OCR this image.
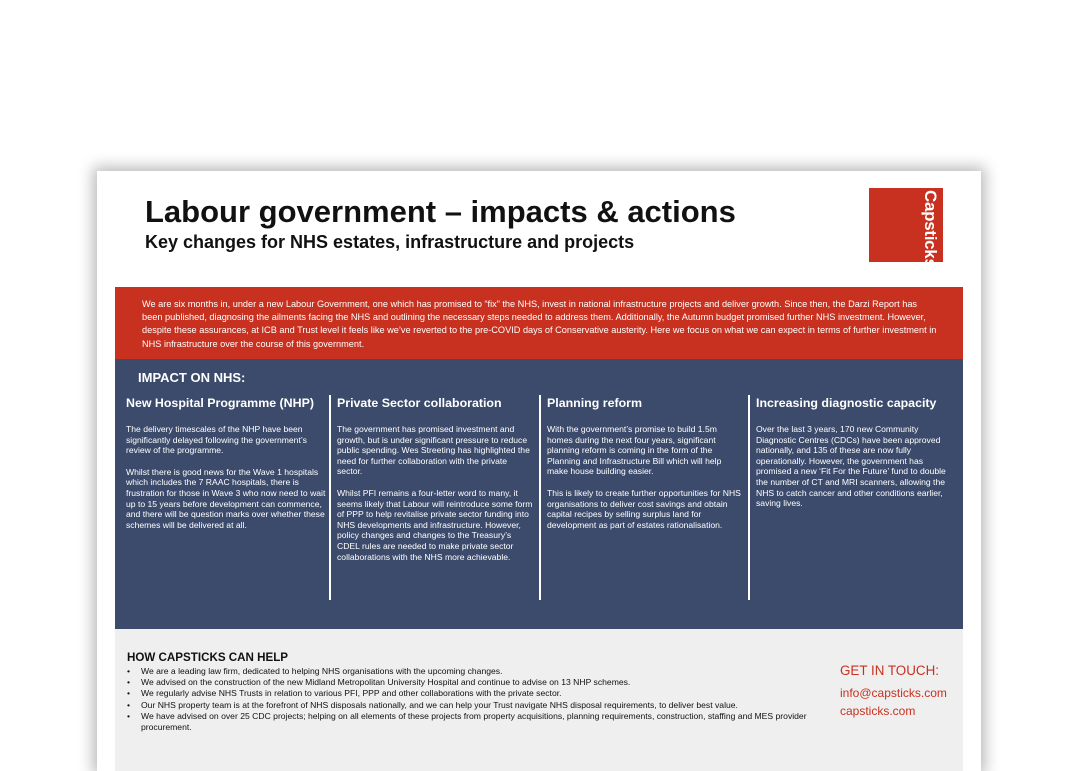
Labour government – impacts & actions
Key changes for NHS estates, infrastructure and projects	Capsticks
We are six months in, under a new Labour Government, one which has promised to “fix” the NHS, invest in national infrastructure projects and deliver growth. Since then, the Darzi Report has been published, diagnosing the ailments facing the NHS and outlining the necessary steps needed to address them. Additionally, the Autumn budget promised further NHS investment. However, despite these assurances, at ICB and Trust level it feels like we’ve reverted to the pre-COVID days of Conservative austerity. Here we focus on what we can expect in terms of further investment in NHS infrastructure over the course of this government.
IMPACT ON NHS:
New Hospital Programme (NHP)

The delivery timescales of the NHP have been significantly delayed following the government’s review of the programme.

Whilst there is good news for the Wave 1 hospitals which includes the 7 RAAC hospitals, there is frustration for those in Wave 3 who now need to wait up to 15 years before development can commence, and there will be question marks over whether these schemes will be delivered at all.

Private Sector collaboration

The government has promised investment and growth, but is under significant pressure to reduce public spending. Wes Streeting has highlighted the need for further collaboration with the private sector.

Whilst PFI remains a four-letter word to many, it seems likely that Labour will reintroduce some form of PPP to help revitalise private sector funding into NHS developments and infrastructure. However, policy changes and changes to the Treasury’s CDEL rules are needed to make private sector collaborations with the NHS more achievable.

Planning reform

With the government’s promise to build 1.5m homes during the next four years, significant planning reform is coming in the form of the Planning and Infrastructure Bill which will help make house building easier.

This is likely to create further opportunities for NHS organisations to deliver cost savings and obtain capital recipes by selling surplus land for development as part of estates rationalisation.

Increasing diagnostic capacity

Over the last 3 years, 170 new Community Diagnostic Centres (CDCs) have been approved nationally, and 135 of these are now fully operationally. However, the government has promised a new ‘Fit For the Future’ fund to double the number of CT and MRI scanners, allowing the NHS to catch cancer and other conditions earlier, saving lives.

HOW CAPSTICKS CAN HELP
• We are a leading law firm, dedicated to helping NHS organisations with the upcoming changes.
• We advised on the construction of the new Midland Metropolitan University Hospital and continue to advise on 13 NHP schemes.
• We regularly advise NHS Trusts in relation to various PFI, PPP and other collaborations with the private sector.
• Our NHS property team is at the forefront of NHS disposals nationally, and we can help your Trust navigate NHS disposal requirements, to deliver best value.
• We have advised on over 25 CDC projects; helping on all elements of these projects from property acquisitions, planning requirements, construction, staffing and MES provider procurement.
GET IN TOUCH:
info@capsticks.com
capsticks.com
